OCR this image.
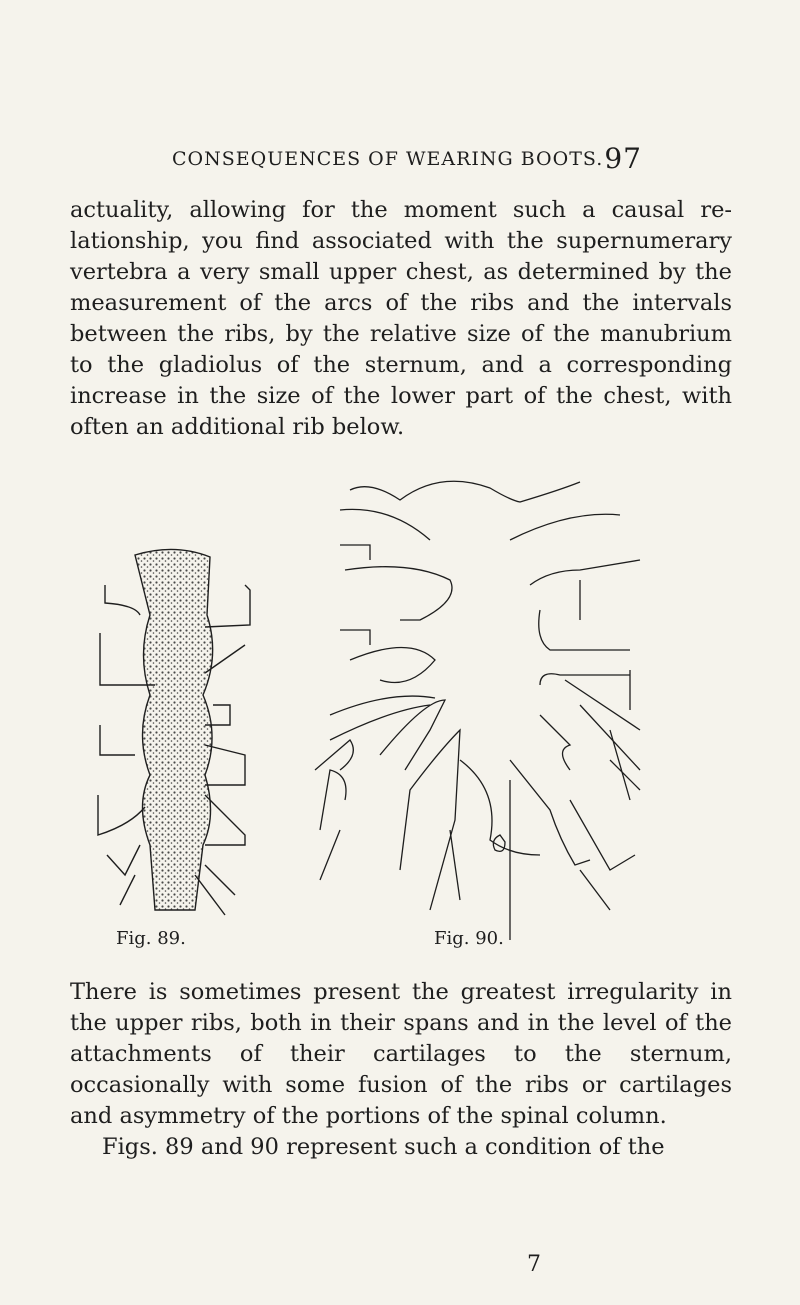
CONSEQUENCES OF WEARING BOOTS. 97

actuality, allowing for the moment such a causal re- lationship, you find associated with the supernumerary vertebra a very small upper chest, as determined by the measurement of the arcs of the ribs and the intervals between the ribs, by the relative size of the manubrium to the gladiolus of the sternum, and a corresponding increase in the size of the lower part of the chest, with often an additional rib below.

Fig. 89.	Fig. 90.

There is sometimes present the greatest irregularity in the upper ribs, both in their spans and in the level of the attachments of their cartilages to the sternum, occasionally with some fusion of the ribs or cartilages and asymmetry of the portions of the spinal column.

Figs. 89 and 90 represent such a condition of the

7
